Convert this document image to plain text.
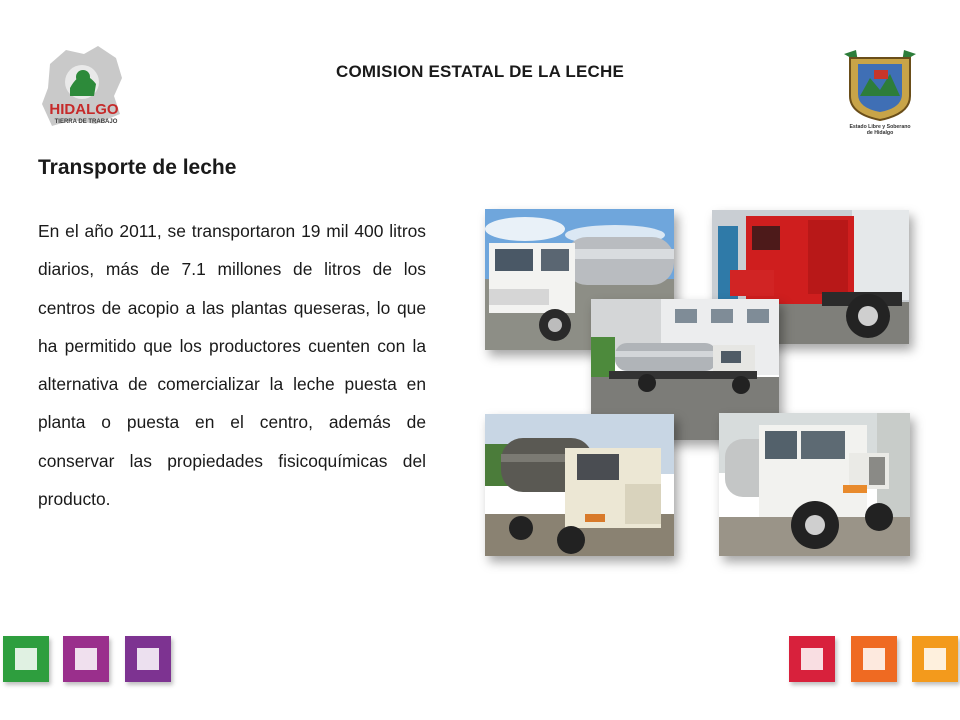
HIDALGO
TIERRA DE TRABAJO
COMISION ESTATAL DE LA LECHE
Estado Libre y Soberano
de Hidalgo
Transporte de leche
En el año 2011, se transportaron 19 mil 400 litros diarios, más de 7.1 millones de litros de los centros de acopio a las plantas queseras, lo que ha permitido que los productores cuenten con la alternativa de comercializar la leche puesta en planta o puesta en el centro, además de conservar las propiedades fisicoquímicas del producto.
